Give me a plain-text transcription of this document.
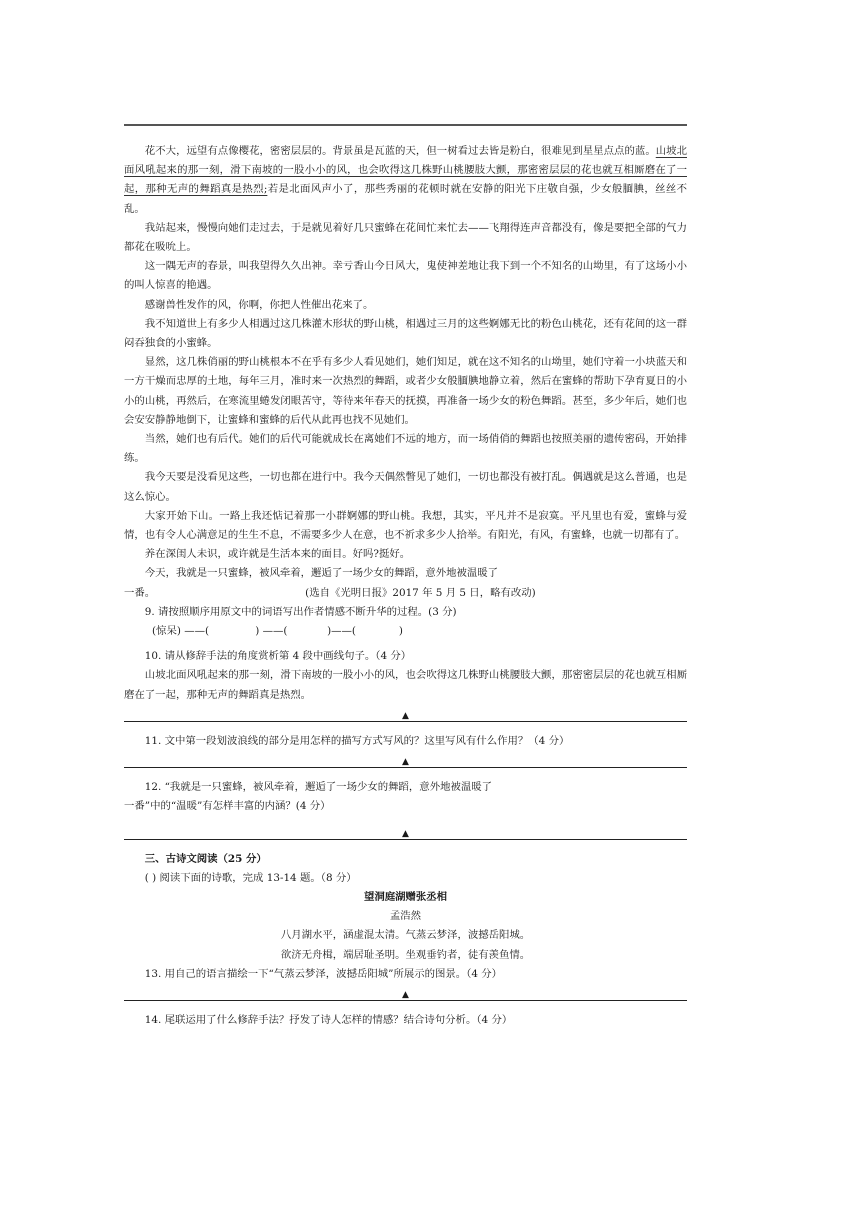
花不大，远望有点像樱花，密密层层的。背景虽是瓦蓝的天，但一树看过去皆是粉白，很难见到星星点点的蓝。山坡北面风吼起来的那一刻，滑下南坡的一股小小的风，也会吹得这几株野山桃腰肢大颤，那密密层层的花也就互相厮磨在了一起，那种无声的舞蹈真是热烈;若是北面风声小了，那些秀丽的花顿时就在安静的阳光下庄敬自强，少女般腼腆，丝丝不乱。

我站起来，慢慢向她们走过去，于是就见着好几只蜜蜂在花间忙来忙去——飞翔得连声音都没有，像是要把全部的气力都花在吸吮上。

这一隅无声的春景，叫我望得久久出神。幸亏香山今日风大，鬼使神差地让我下到一个不知名的山坳里，有了这场小小的叫人惊喜的艳遇。

感谢兽性发作的风，你啊，你把人性催出花来了。

我不知道世上有多少人相遇过这几株灌木形状的野山桃，相遇过三月的这些婀娜无比的粉色山桃花，还有花间的这一群闷吞独食的小蜜蜂。

显然，这几株俏丽的野山桃根本不在乎有多少人看见她们，她们知足，就在这不知名的山坳里，她们守着一小块蓝天和一方干燥而忠厚的土地，每年三月，准时来一次热烈的舞蹈，或者少女般腼腆地静立着，然后在蜜蜂的帮助下孕育夏日的小小的山桃，再然后，在寒流里蜷发闭眼苦守，等待来年春天的抚摸，再准备一场少女的粉色舞蹈。甚至，多少年后，她们也会安安静静地倒下，让蜜蜂和蜜蜂的后代从此再也找不见她们。

当然，她们也有后代。她们的后代可能就成长在离她们不远的地方，而一场俏俏的舞蹈也按照美丽的遗传密码，开始排练。

我今天要是没看见这些，一切也都在进行中。我今天偶然瞥见了她们，一切也都没有被打乱。偶遇就是这么普通，也是这么惊心。

大家开始下山。一路上我还惦记着那一小群婀娜的野山桃。我想，其实，平凡并不是寂寞。平凡里也有爱，蜜蜂与爱情，也有令人心满意足的生生不息，不需要多少人在意，也不祈求多少人拾举。有阳光，有风，有蜜蜂，也就一切都有了。

养在深闺人未识，或许就是生活本来的面目。好吗?挺好。

今天，我就是一只蜜蜂，被风牵着，邂逅了一场少女的舞蹈，意外地被温暖了

一番。	(选自《光明日报》2017 年 5 月 5 日，略有改动)

9. 请按照顺序用原文中的词语写出作者情感不断升华的过程。(3 分)

(惊呆) ——(              ) ——(            )——(             )

10. 请从修辞手法的角度赏析第 4 段中画线句子。（4 分）

山坡北面风吼起来的那一刻，滑下南坡的一股小小的风，也会吹得这几株野山桃腰肢大颤，那密密层层的花也就互相厮磨在了一起，那种无声的舞蹈真是热烈。

▲

11. 文中第一段划波浪线的部分是用怎样的描写方式写风的？这里写风有什么作用？（4 分）

▲

12. “我就是一只蜜蜂，被风牵着，邂逅了一场少女的舞蹈，意外地被温暖了

一番”中的“温暖”有怎样丰富的内涵？(4 分）

▲

三、古诗文阅读（25 分）

( ) 阅读下面的诗歌，完成 13-14 题。（8 分）

望洞庭湖赠张丞相

孟浩然

八月湖水平，涵虚混太清。气蒸云梦泽，波撼岳阳城。

欲济无舟楫，端居耻圣明。坐观垂钓者，徒有羡鱼情。

13. 用自己的语言描绘一下“气蒸云梦泽，波撼岳阳城”所展示的图景。（4 分）

▲

14. 尾联运用了什么修辞手法？抒发了诗人怎样的情感？结合诗句分析。（4 分）
